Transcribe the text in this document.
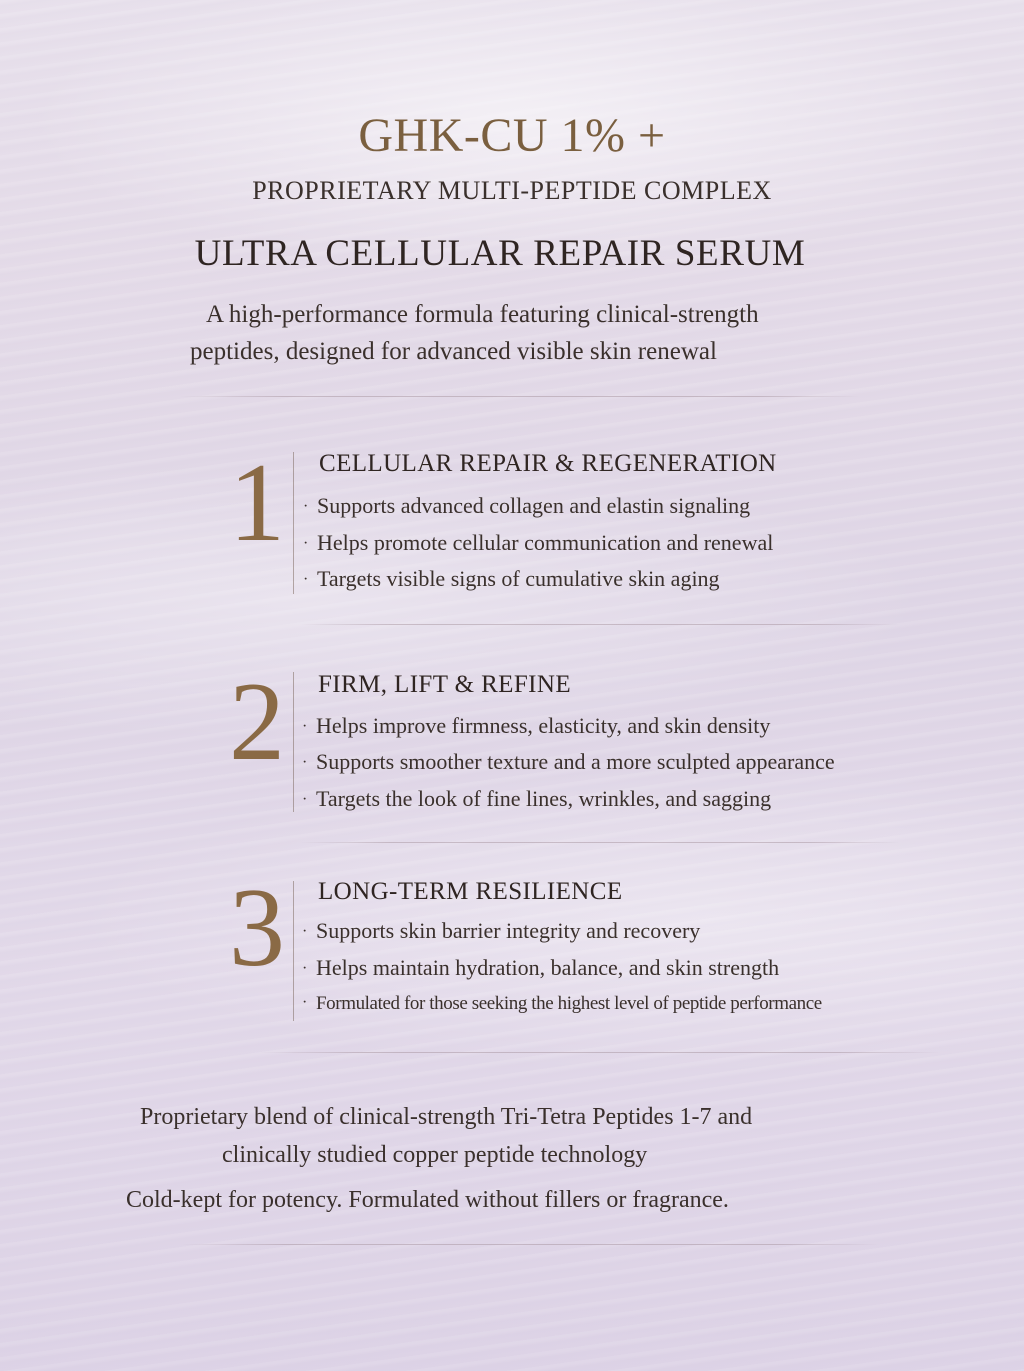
GHK-CU 1% +
PROPRIETARY MULTI-PEPTIDE COMPLEX
ULTRA CELLULAR REPAIR SERUM
A high-performance formula featuring clinical-strength
peptides, designed for advanced visible skin renewal
1 CELLULAR REPAIR & REGENERATION
· Supports advanced collagen and elastin signaling
· Helps promote cellular communication and renewal
· Targets visible signs of cumulative skin aging
2 FIRM, LIFT & REFINE
· Helps improve firmness, elasticity, and skin density
· Supports smoother texture and a more sculpted appearance
· Targets the look of fine lines, wrinkles, and sagging
3 LONG-TERM RESILIENCE
· Supports skin barrier integrity and recovery
· Helps maintain hydration, balance, and skin strength
· Formulated for those seeking the highest level of peptide performance
Proprietary blend of clinical-strength Tri-Tetra Peptides 1-7 and
clinically studied copper peptide technology
Cold-kept for potency. Formulated without fillers or fragrance.
